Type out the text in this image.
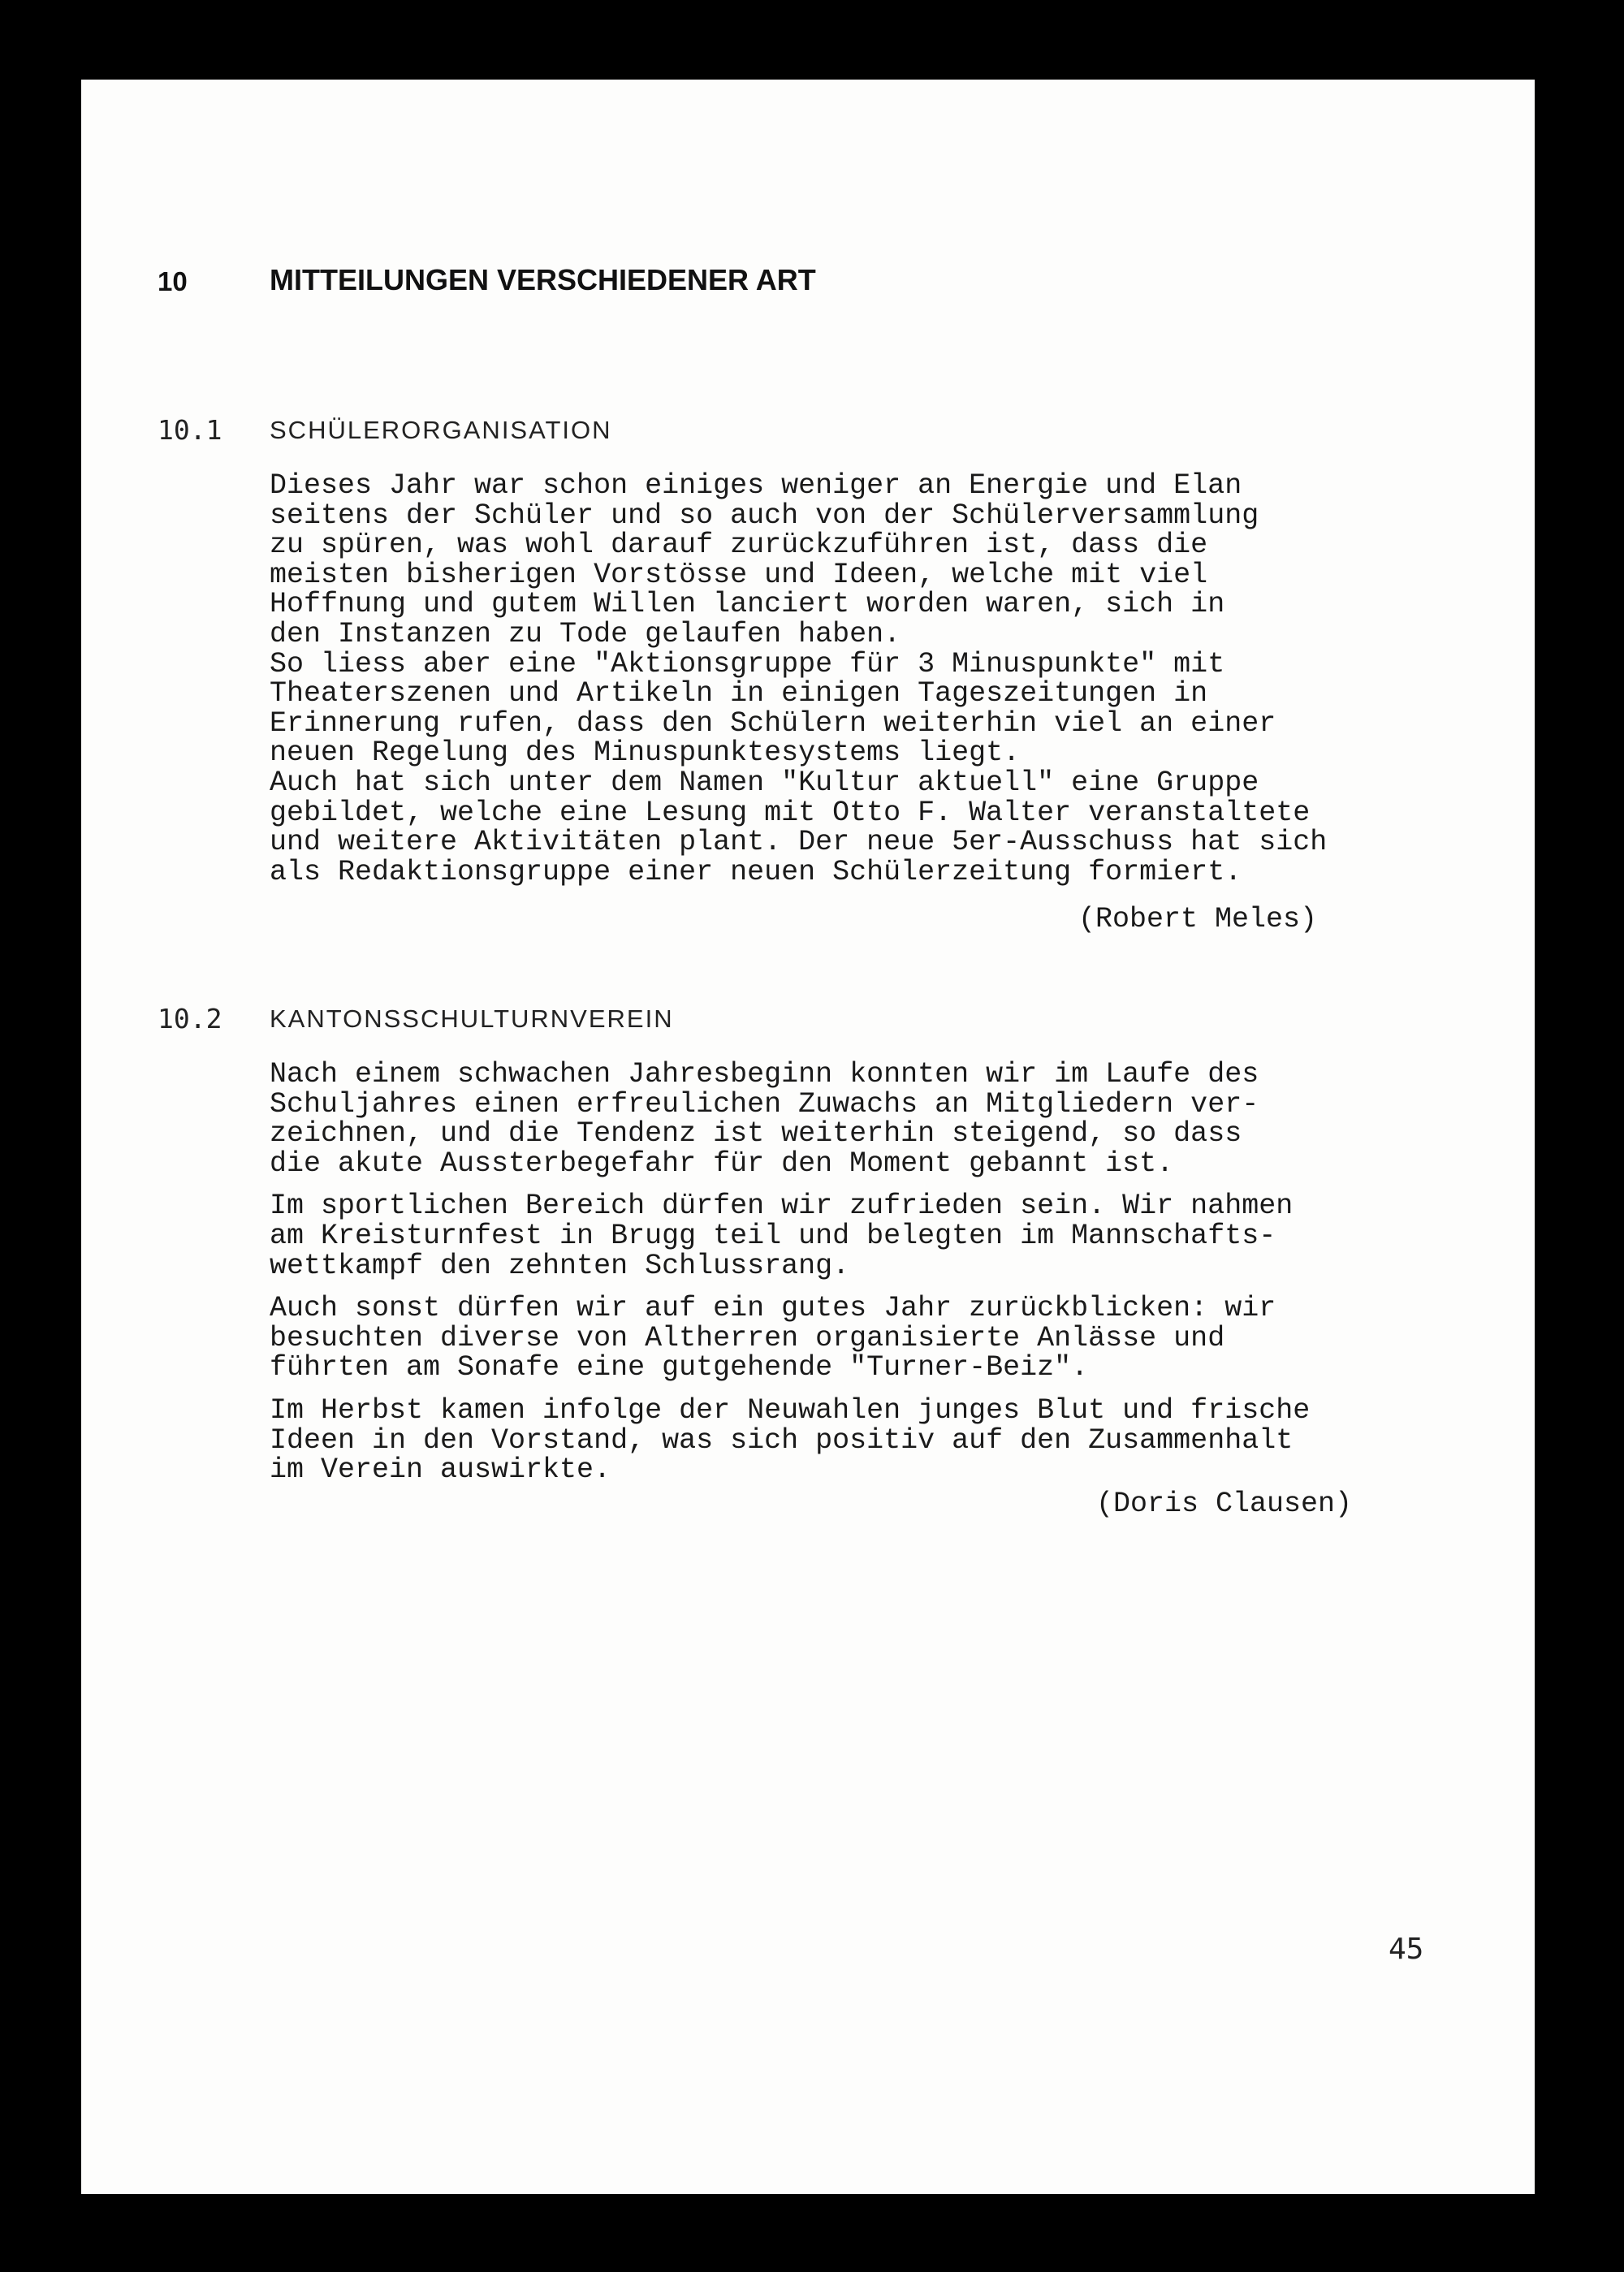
10	MITTEILUNGEN VERSCHIEDENER ART
10.1 SCHÜLERORGANISATION

Dieses Jahr war schon einiges weniger an Energie und Elan

seitens der Schüler und so auch von der Schülerversammlung

zu spüren, was wohl darauf zurückzuführen ist, dass die

meisten bisherigen Vorstösse und Ideen, welche mit viel

Hoffnung und gutem Willen lanciert worden waren, sich in

den Instanzen zu Tode gelaufen haben.

So liess aber eine "Aktionsgruppe für 3 Minuspunkte" mit

Theaterszenen und Artikeln in einigen Tageszeitungen in

Erinnerung rufen, dass den Schülern weiterhin viel an einer

neuen Regelung des Minuspunktesystems liegt.

Auch hat sich unter dem Namen "Kultur aktuell" eine Gruppe

gebildet, welche eine Lesung mit Otto F. Walter veranstaltete

und weitere Aktivitäten plant. Der neue 5er-Ausschuss hat sich

als Redaktionsgruppe einer neuen Schülerzeitung formiert.

(Robert Meles)
10.2 KANTONSSCHULTURNVEREIN

Nach einem schwachen Jahresbeginn konnten wir im Laufe des

Schuljahres einen erfreulichen Zuwachs an Mitgliedern ver-

zeichnen, und die Tendenz ist weiterhin steigend, so dass

die akute Aussterbegefahr für den Moment gebannt ist.

Im sportlichen Bereich dürfen wir zufrieden sein. Wir nahmen

am Kreisturnfest in Brugg teil und belegten im Mannschafts-

wettkampf den zehnten Schlussrang.

Auch sonst dürfen wir auf ein gutes Jahr zurückblicken: wir

besuchten diverse von Altherren organisierte Anlässe und

führten am Sonafe eine gutgehende "Turner-Beiz".

Im Herbst kamen infolge der Neuwahlen junges Blut und frische

Ideen in den Vorstand, was sich positiv auf den Zusammenhalt

im Verein auswirkte.

(Doris Clausen)
45
